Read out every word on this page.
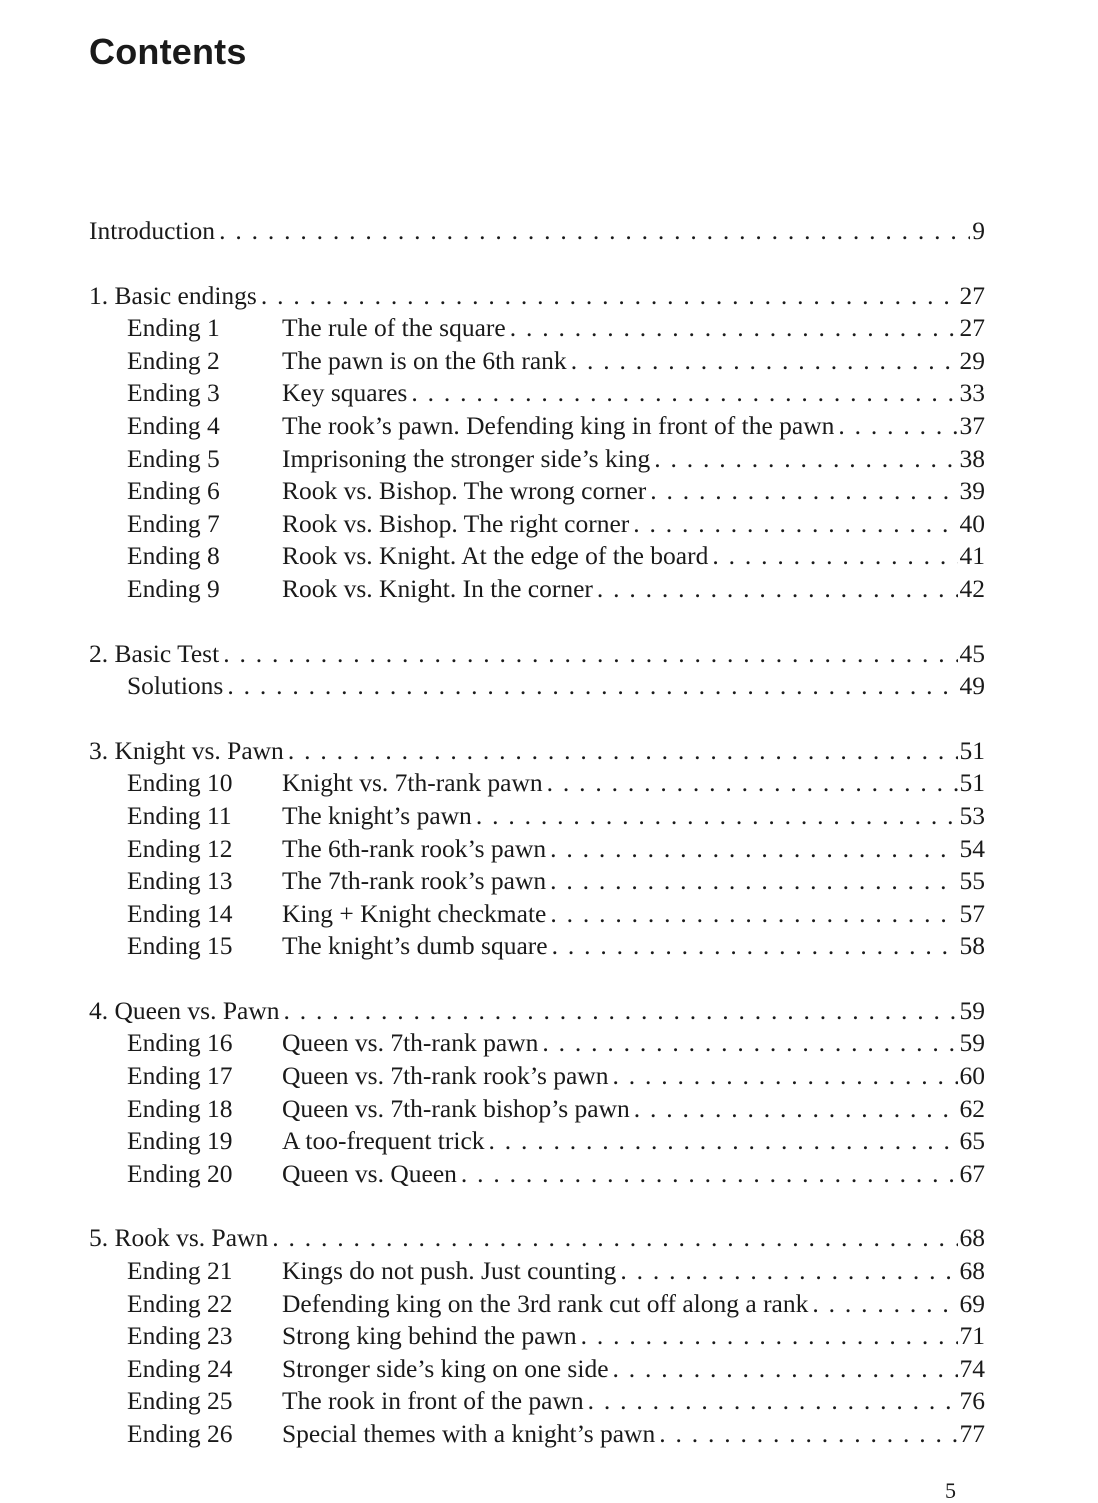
Contents
Introduction . . .	9
1. Basic endings . . .	27
Ending 1	The rule of the square . . .	27
Ending 2	The pawn is on the 6th rank . . .	29
Ending 3	Key squares . . .	33
Ending 4	The rook’s pawn. Defending king in front of the pawn . . .	37
Ending 5	Imprisoning the stronger side’s king . . .	38
Ending 6	Rook vs. Bishop. The wrong corner . . .	39
Ending 7	Rook vs. Bishop. The right corner . . .	40
Ending 8	Rook vs. Knight. At the edge of the board . . .	41
Ending 9	Rook vs. Knight. In the corner . . .	42
2. Basic Test . . .	45
Solutions . . .	49
3. Knight vs. Pawn . . .	51
Ending 10	Knight vs. 7th-rank pawn . . .	51
Ending 11	The knight’s pawn . . .	53
Ending 12	The 6th-rank rook’s pawn . . .	54
Ending 13	The 7th-rank rook’s pawn . . .	55
Ending 14	King + Knight checkmate . . .	57
Ending 15	The knight’s dumb square . . .	58
4. Queen vs. Pawn . . .	59
Ending 16	Queen vs. 7th-rank pawn . . .	59
Ending 17	Queen vs. 7th-rank rook’s pawn . . .	60
Ending 18	Queen vs. 7th-rank bishop’s pawn . . .	62
Ending 19	A too-frequent trick . . .	65
Ending 20	Queen vs. Queen . . .	67
5. Rook vs. Pawn . . .	68
Ending 21	Kings do not push. Just counting . . .	68
Ending 22	Defending king on the 3rd rank cut off along a rank . . .	69
Ending 23	Strong king behind the pawn . . .	71
Ending 24	Stronger side’s king on one side . . .	74
Ending 25	The rook in front of the pawn . . .	76
Ending 26	Special themes with a knight’s pawn . . .	77
5
